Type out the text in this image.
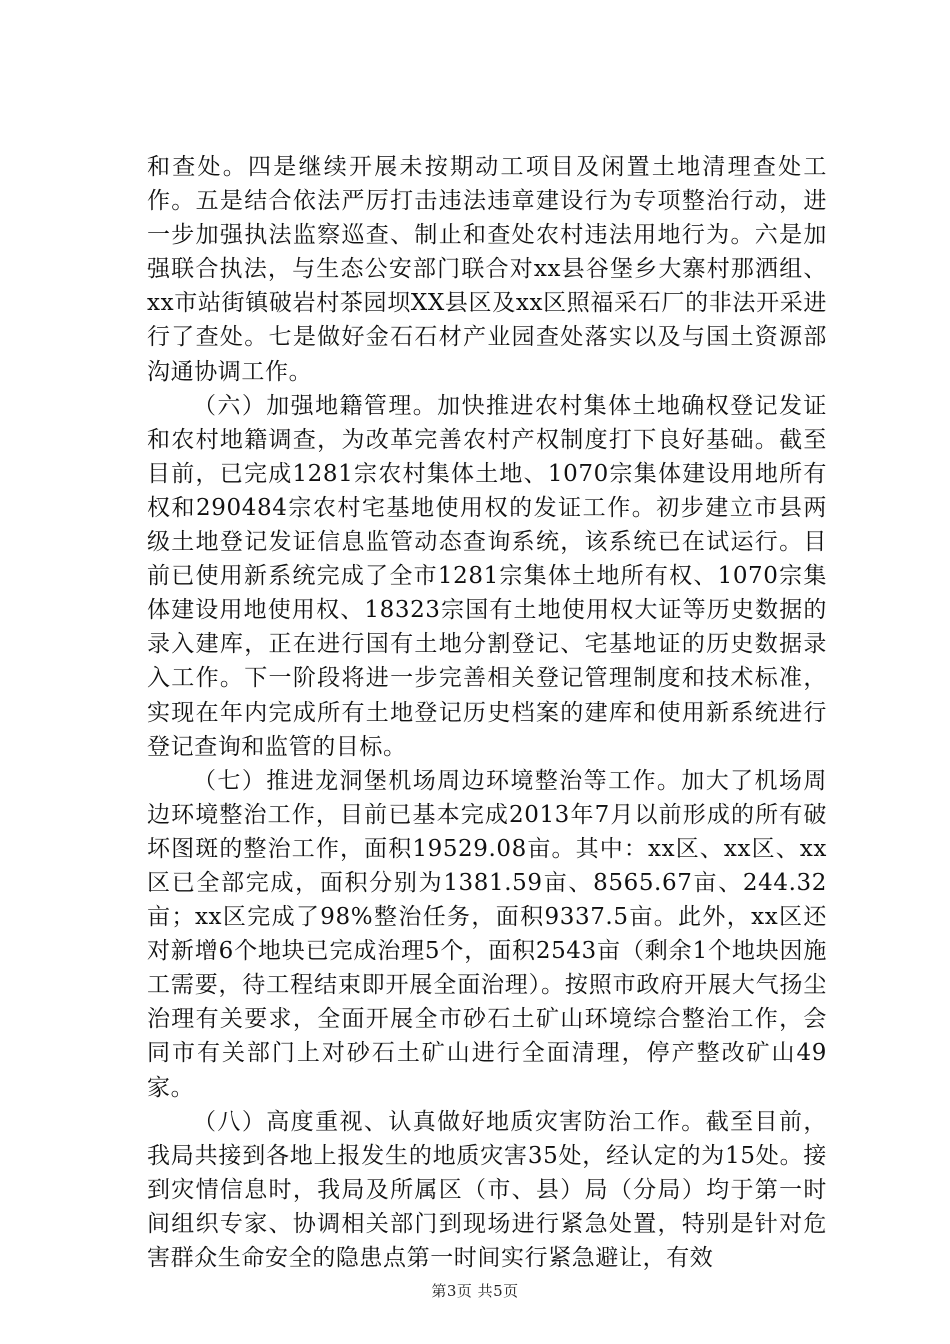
和查处。四是继续开展未按期动工项目及闲置土地清理查处工作。五是结合依法严厉打击违法违章建设行为专项整治行动，进一步加强执法监察巡查、制止和查处农村违法用地行为。六是加强联合执法，与生态公安部门联合对xx县谷堡乡大寨村那洒组、xx市站街镇破岩村茶园坝XX县区及xx区照福采石厂的非法开采进行了查处。七是做好金石石材产业园查处落实以及与国土资源部沟通协调工作。

（六）加强地籍管理。加快推进农村集体土地确权登记发证和农村地籍调查，为改革完善农村产权制度打下良好基础。截至目前，已完成1281宗农村集体土地、1070宗集体建设用地所有权和290484宗农村宅基地使用权的发证工作。初步建立市县两级土地登记发证信息监管动态查询系统，该系统已在试运行。目前已使用新系统完成了全市1281宗集体土地所有权、1070宗集体建设用地使用权、18323宗国有土地使用权大证等历史数据的录入建库，正在进行国有土地分割登记、宅基地证的历史数据录入工作。下一阶段将进一步完善相关登记管理制度和技术标准，实现在年内完成所有土地登记历史档案的建库和使用新系统进行登记查询和监管的目标。

（七）推进龙洞堡机场周边环境整治等工作。加大了机场周边环境整治工作，目前已基本完成2013年7月以前形成的所有破坏图斑的整治工作，面积19529.08亩。其中：xx区、xx区、xx区已全部完成，面积分别为1381.59亩、8565.67亩、244.32亩；xx区完成了98%整治任务，面积9337.5亩。此外，xx区还对新增6个地块已完成治理5个，面积2543亩（剩余1个地块因施工需要，待工程结束即开展全面治理）。按照市政府开展大气扬尘治理有关要求，全面开展全市砂石土矿山环境综合整治工作，会同市有关部门上对砂石土矿山进行全面清理，停产整改矿山49家。

（八）高度重视、认真做好地质灾害防治工作。截至目前，我局共接到各地上报发生的地质灾害35处，经认定的为15处。接到灾情信息时，我局及所属区（市、县）局（分局）均于第一时间组织专家、协调相关部门到现场进行紧急处置，特别是针对危害群众生命安全的隐患点第一时间实行紧急避让，有效

第3页 共5页
